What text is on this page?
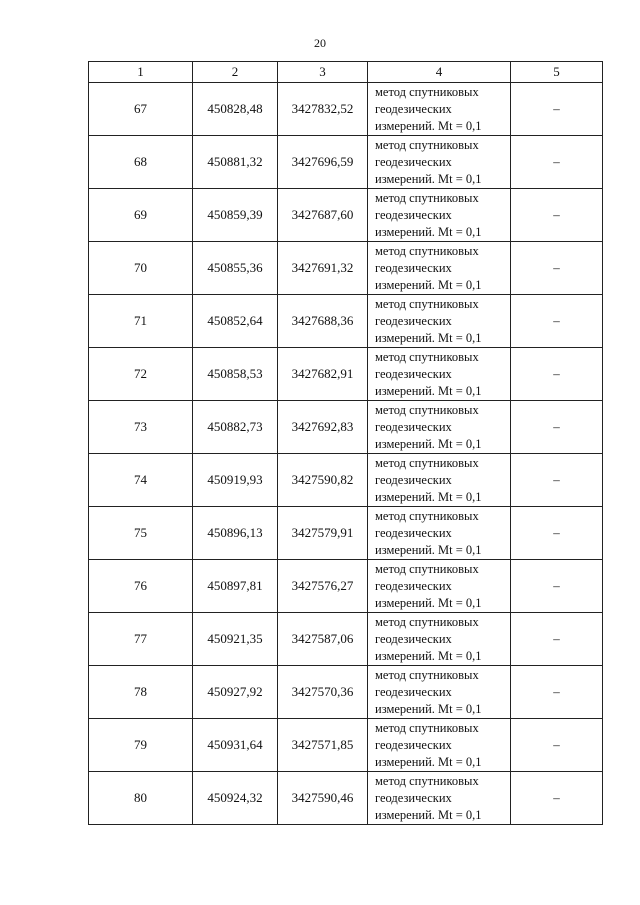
20
1	2	3	4	5
67	450828,48	3427832,52	метод спутниковых
геодезических
измерений. Mt = 0,1	–
68	450881,32	3427696,59	метод спутниковых
геодезических
измерений. Mt = 0,1	–
69	450859,39	3427687,60	метод спутниковых
геодезических
измерений. Mt = 0,1	–
70	450855,36	3427691,32	метод спутниковых
геодезических
измерений. Mt = 0,1	–
71	450852,64	3427688,36	метод спутниковых
геодезических
измерений. Mt = 0,1	–
72	450858,53	3427682,91	метод спутниковых
геодезических
измерений. Mt = 0,1	–
73	450882,73	3427692,83	метод спутниковых
геодезических
измерений. Mt = 0,1	–
74	450919,93	3427590,82	метод спутниковых
геодезических
измерений. Mt = 0,1	–
75	450896,13	3427579,91	метод спутниковых
геодезических
измерений. Mt = 0,1	–
76	450897,81	3427576,27	метод спутниковых
геодезических
измерений. Mt = 0,1	–
77	450921,35	3427587,06	метод спутниковых
геодезических
измерений. Mt = 0,1	–
78	450927,92	3427570,36	метод спутниковых
геодезических
измерений. Mt = 0,1	–
79	450931,64	3427571,85	метод спутниковых
геодезических
измерений. Mt = 0,1	–
80	450924,32	3427590,46	метод спутниковых
геодезических
измерений. Mt = 0,1	–
